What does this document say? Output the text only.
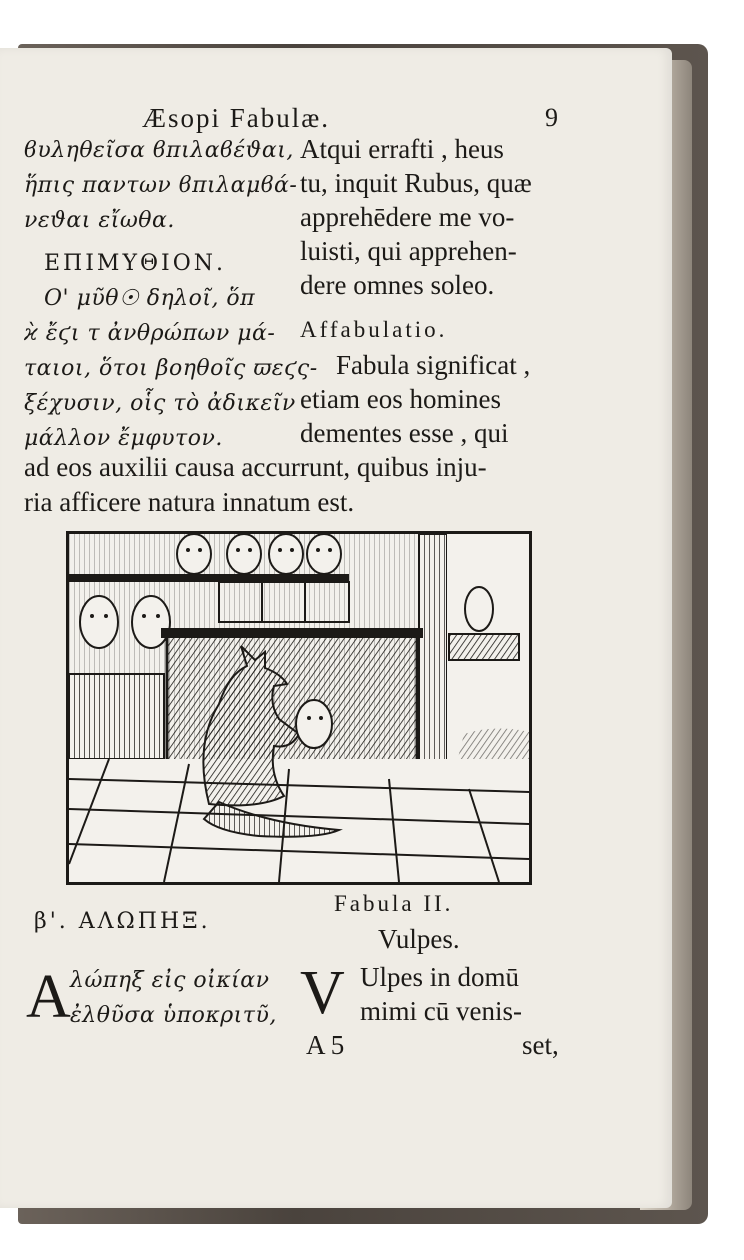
Æsopi Fabulæ.	9
ϐυληθεῖσα ϐπιλαϐέϑαι,
ἥπις παντων ϐπιλαμϐά-
νεϑαι εἴωθα.
ΕΠΙΜΥΘΙΟΝ.
Ο' μῦθ☉ δηλοῖ, ὅπ
ϰ̀ ἔϛι τ ἀνθρώπων μά-
ταιοι, ὅτοι βοηθοῖς ϖεϛς-
ξέχυσιν, οἷς τὸ ἀδικεῖν
μάλλον ἔμφυτον.
Atqui errafti , heus
tu, inquit Rubus, quæ
apprehēdere me vo-
luisti, qui apprehen-
dere omnes soleo.
Affabulatio.
Fabula significat ,
etiam eos homines
dementes esse , qui
ad eos auxilii causa accurrunt, quibus inju-
ria afficere natura innatum est.
β'. ΑΛΩΠΗΞ.
Fabula II.
Vulpes.
A λώπηξ εἰς οἰκίαν
ἐλθῦσα ὑποκριτῦ, V Ulpes in domū
mimi cū venis-
A 5	set,
